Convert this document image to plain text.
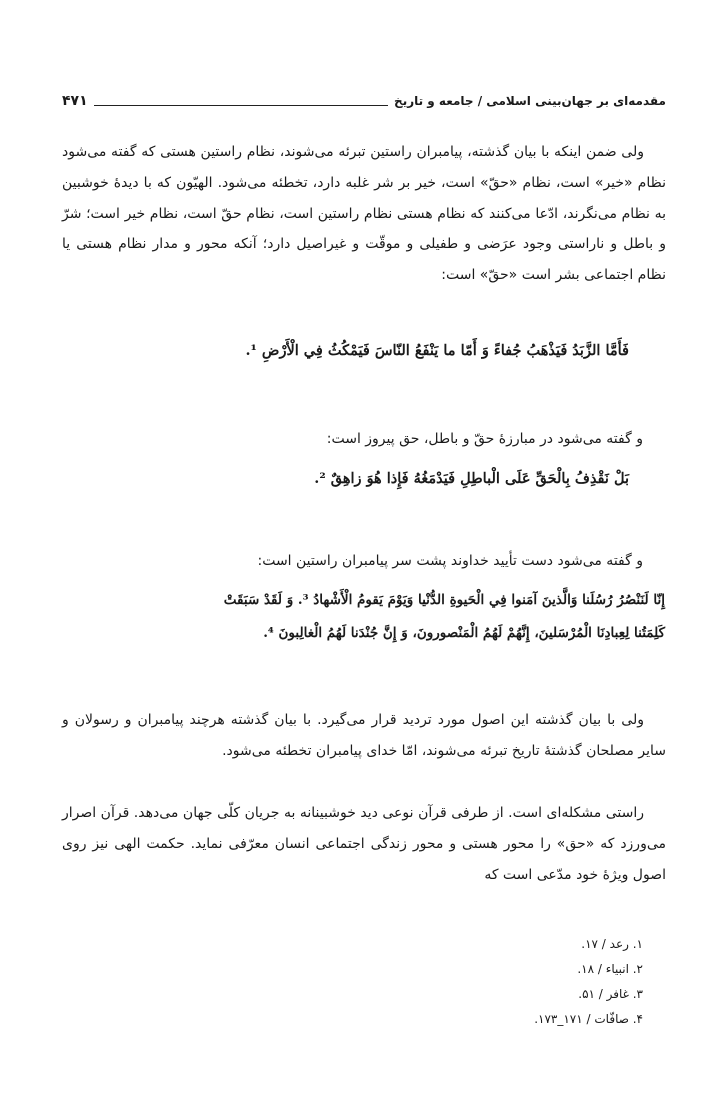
مقدمه‌ای بر جهان‌بینی اسلامی / جامعه و تاریخ
۴۷۱

ولی ضمن اینکه با بیان گذشته، پیامبران راستین تبرئه می‌شوند، نظام راستین هستی که گفته می‌شود نظام «خیر» است، نظام «حقّ» است، خیر بر شر غلبه دارد، تخطئه می‌شود. الهیّون که با دیدهٔ خوشبین به نظام می‌نگرند، ادّعا می‌کنند که نظام هستی نظام راستین است، نظام حقّ است، نظام خیر است؛ شرّ و باطل و ناراستی وجود عرَضی و طفیلی و موقّت و غیراصیل دارد؛ آنکه محور و مدار نظام هستی یا نظام اجتماعی بشر است «حقّ» است:

فَأَمَّا الزَّبَدُ فَيَذْهَبُ جُفاءً وَ أَمّا ما يَنْفَعُ النّاسَ فَيَمْكُثُ فِي الْأَرْضِ ¹.

و گفته می‌شود در مبارزهٔ حقّ و باطل، حق پیروز است:

بَلْ نَقْذِفُ بِالْحَقِّ عَلَى الْباطِلِ فَيَدْمَغُهُ فَإِذا هُوَ زاهِقٌ ².

و گفته می‌شود دست تأیید خداوند پشت سر پیامبران راستین است:

إِنّا لَنَنْصُرُ رُسُلَنا وَالَّذينَ آمَنوا فِي الْحَيوةِ الدُّنْيا وَيَوْمَ يَقومُ الْأَشْهادُ ³. وَ لَقَدْ سَبَقَتْ

كَلِمَتُنا لِعِبادِنَا الْمُرْسَلينَ، إِنَّهُمْ لَهُمُ الْمَنْصورونَ، وَ إِنَّ جُنْدَنا لَهُمُ الْغالِبونَ ⁴.

ولی با بیان گذشته این اصول مورد تردید قرار می‌گیرد. با بیان گذشته هرچند پیامبران و رسولان و سایر مصلحان گذشتهٔ تاریخ تبرئه می‌شوند، امّا خدای پیامبران تخطئه می‌شود.

راستی مشکله‌ای است. از طرفی قرآن نوعی دید خوشبینانه به جریان کلّی جهان می‌دهد. قرآن اصرار می‌ورزد که «حق» را محور هستی و محور زندگی اجتماعی انسان معرّفی نماید. حکمت الهی نیز روی اصول ویژهٔ خود مدّعی است که

۱. رعد / ۱۷.
۲. انبیاء / ۱۸.
۳. غافر / ۵۱.
۴. صافّات / ۱۷۱_۱۷۳.
